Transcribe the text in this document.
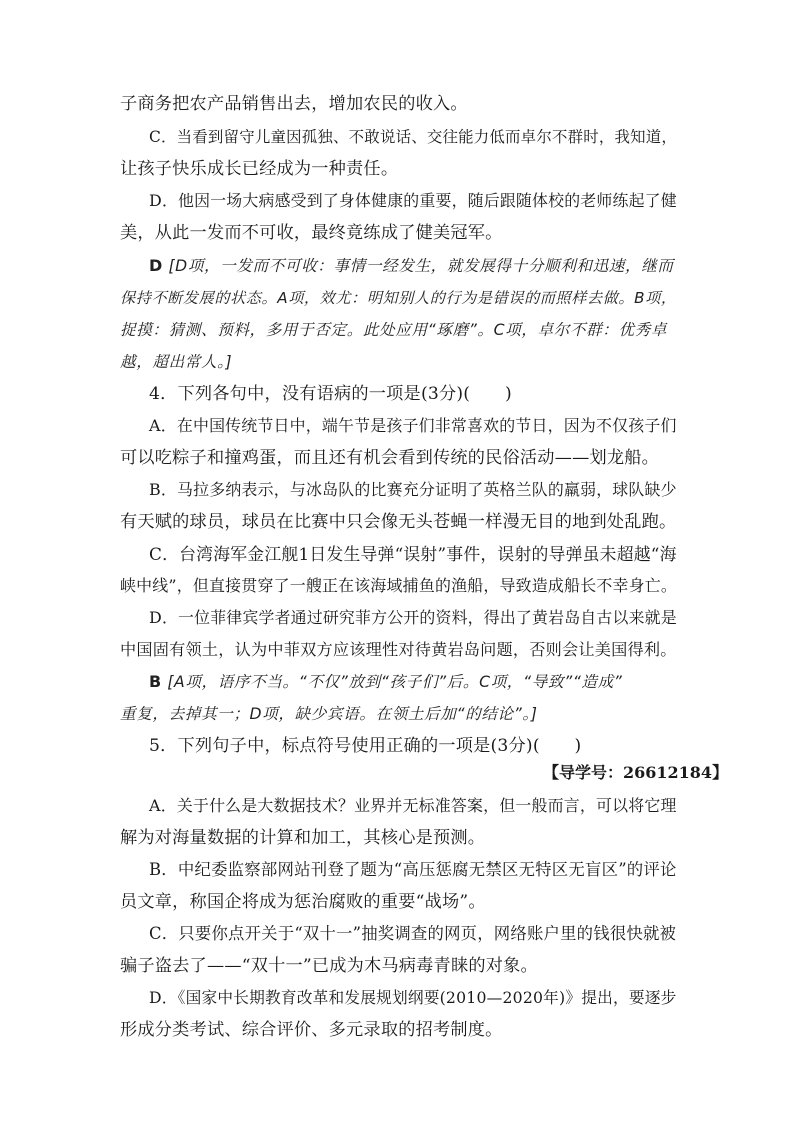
子商务把农产品销售出去，增加农民的收入。
C．当看到留守儿童因孤独、不敢说话、交往能力低而卓尔不群时，我知道，
让孩子快乐成长已经成为一种责任。
D．他因一场大病感受到了身体健康的重要，随后跟随体校的老师练起了健
美，从此一发而不可收，最终竟练成了健美冠军。
D [D项，一发而不可收：事情一经发生，就发展得十分顺利和迅速，继而
保持不断发展的状态。A项，效尤：明知别人的行为是错误的而照样去做。B项，
捉摸：猜测、预料，多用于否定。此处应用“琢磨”。C项，卓尔不群：优秀卓
越，超出常人。]
4．下列各句中，没有语病的一项是(3分)(　　)
A．在中国传统节日中，端午节是孩子们非常喜欢的节日，因为不仅孩子们
可以吃粽子和撞鸡蛋，而且还有机会看到传统的民俗活动——划龙船。
B．马拉多纳表示，与冰岛队的比赛充分证明了英格兰队的羸弱，球队缺少
有天赋的球员，球员在比赛中只会像无头苍蝇一样漫无目的地到处乱跑。
C．台湾海军金江舰1日发生导弹“误射”事件，误射的导弹虽未超越“海
峡中线”，但直接贯穿了一艘正在该海域捕鱼的渔船，导致造成船长不幸身亡。
D．一位菲律宾学者通过研究菲方公开的资料，得出了黄岩岛自古以来就是
中国固有领土，认为中菲双方应该理性对待黄岩岛问题，否则会让美国得利。
B [A项，语序不当。“不仅”放到“孩子们”后。C项，“导致”“造成”
重复，去掉其一；D项，缺少宾语。在领土后加“的结论”。]
5．下列句子中，标点符号使用正确的一项是(3分)(　　)
【导学号：26612184】
A．关于什么是大数据技术？业界并无标准答案，但一般而言，可以将它理
解为对海量数据的计算和加工，其核心是预测。
B．中纪委监察部网站刊登了题为“高压惩腐无禁区无特区无盲区”的评论
员文章，称国企将成为惩治腐败的重要“战场”。
C．只要你点开关于“双十一”抽奖调查的网页，网络账户里的钱很快就被
骗子盗去了——“双十一”已成为木马病毒青睐的对象。
D．《国家中长期教育改革和发展规划纲要(2010—2020年)》提出，要逐步
形成分类考试、综合评价、多元录取的招考制度。
